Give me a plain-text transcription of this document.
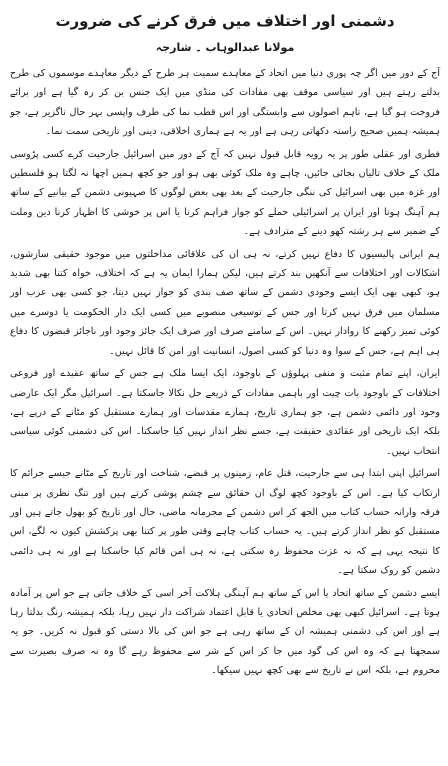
دشمنی اور اختلاف میں فرق کرنے کی ضرورت
مولانا عبدالوہاب ۔ شارجہ

آج کے دور میں اگر چہ پوری دنیا میں اتحاد کے معاہدے سمیت ہر طرح کے دیگر معاہدے موسموں کی طرح بدلتے رہتے ہیں اور سیاسی موقف بھی مفادات کی منڈی میں ایک جنس بن کر رہ گیا ہے اور برائے فروخت ہو گیا ہے، تاہم اصولوں سے وابستگی اور اس قطب نما کی طرف واپسی بہر حال ناگزیر ہے، جو ہمیشہ ہمیں صحیح راستہ دکھاتی رہی ہے اور یہ ہے ہماری اخلاقی، دینی اور تاریخی سمت نما۔

فطری اور عقلی طور پر یہ رویہ قابل قبول نہیں کہ آج کے دور میں اسرائیل جارحیت کرے کسی پڑوسی ملک کے خلاف تالیاں بجائی جائیں، چاہے وہ ملک کوئی بھی ہو اور جو کچھ ہمیں اچھا نہ لگتا ہو فلسطین اور غزہ میں بھی اسرائیل کی ننگی جارحیت کے بعد بھی بعض لوگوں کا صہیونی دشمن کے بیانیے کے ساتھ ہم آہنگ ہونا اور ایران پر اسرائیلی حملے کو جواز فراہم کرنا یا اس پر خوشی کا اظہار کرنا دین وملت کے ضمیر سے ہر رشتہ کھو دینے کے مترادف ہے۔

ہم ایرانی پالیسیوں کا دفاع نہیں کرتے، نہ ہی ان کی علاقائی مداخلتوں میں موجود حقیقی سازشوں، اشکالات اور اختلافات سے آنکھیں بند کرتے ہیں، لیکن ہمارا ایمان یہ ہے کہ اختلاف، خواہ کتنا بھی شدید ہو، کبھی بھی ایک ایسے وجودی دشمن کے ساتھ صف بندی کو جواز نہیں دیتا، جو کسی بھی عرب اور مسلمان میں فرق نہیں کرتا اور جس کے توسیعی منصوبے میں کسی ایک دار الحکومت یا دوسرے میں کوئی تمیز رکھنے کا روادار نہیں۔ اس کے سامنے صرف اور صرف ایک جائز وجود اور ناجائز قبضوں کا دفاع ہی اہم ہے، جس کے سوا وہ دنیا کو کسی اصول، انسانیت اور امن کا قائل نہیں۔

ایران، اپنے تمام مثبت و منفی پہلوؤں کے باوجود، ایک ایسا ملک ہے جس کے ساتھ عقیدے اور فروعی اختلافات کے باوجود بات چیت اور باہمی مفادات کے ذریعے حل نکالا جاسکتا ہے۔ اسرائیل مگر ایک عارضی وجود اور دائمی دشمن ہے، جو ہماری تاریخ، ہمارے مقدسات اور ہمارے مستقبل کو مٹانے کے درپے ہے، بلکہ ایک تاریخی اور عقائدی حقیقت ہے، جسے نظر انداز نہیں کیا جاسکتا۔ اس کی دشمنی کوئی سیاسی انتخاب نہیں۔

اسرائیل اپنی ابتدا ہی سے جارحیت، قتل عام، زمینوں پر قبضے، شناخت اور تاریخ کے مٹانے جیسے جرائم کا ارتکاب کیا ہے۔ اس کے باوجود کچھ لوگ ان حقائق سے چشم پوشی کرتے ہیں اور تنگ نظری پر مبنی فرقہ وارانہ حساب کتاب میں الجھ کر اس دشمن کے مجرمانہ ماضی، حال اور تاریخ کو بھول جاتے ہیں اور مستقبل کو نظر انداز کرتے ہیں۔ یہ حساب کتاب چاہے وقتی طور پر کتنا بھی پرکشش کیوں نہ لگے، اس کا نتیجہ یہی ہے کہ نہ عزت محفوظ رہ سکتی ہے، نہ ہی امن قائم کیا جاسکتا ہے اور نہ ہی دائمی دشمن کو روک سکتا ہے۔

ایسے دشمن کے ساتھ اتحاد یا اس کے ساتھ ہم آہنگی ہلاکت آخر اسی کے خلاف جاتی ہے جو اس پر آمادہ ہوتا ہے۔ اسرائیل کبھی بھی مخلص اتحادی یا قابل اعتماد شراکت دار نہیں رہا، بلکہ ہمیشہ رنگ بدلتا رہا ہے اور اس کی دشمنی ہمیشہ ان کے ساتھ رہی ہے جو اس کی بالا دستی کو قبول نہ کریں۔ جو یہ سمجھتا ہے کہ وہ اس کی گود میں جا کر اس کے شر سے محفوظ رہے گا وہ نہ صرف بصیرت سے محروم ہے، بلکہ اس نے تاریخ سے بھی کچھ نہیں سیکھا۔
